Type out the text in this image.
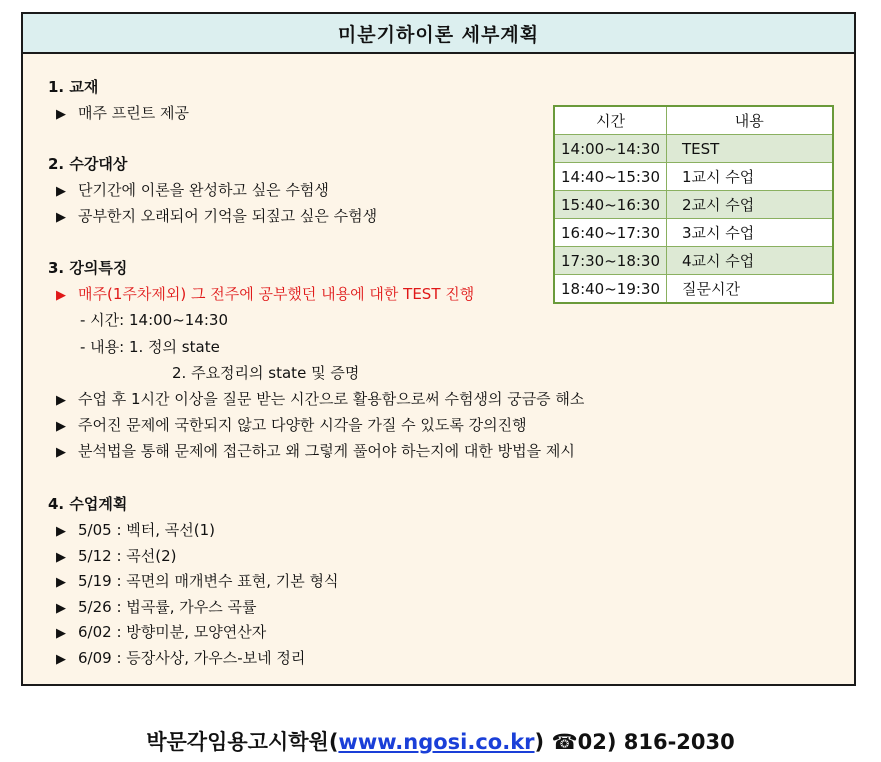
미분기하이론 세부계획
1. 교재
▶ 매주 프린트 제공
2. 수강대상
▶ 단기간에 이론을 완성하고 싶은 수험생
▶ 공부한지 오래되어 기억을 되짚고 싶은 수험생
3. 강의특징
▶ 매주(1주차제외) 그 전주에 공부했던 내용에 대한 TEST 진행
- 시간: 14:00~14:30
- 내용: 1. 정의 state
2. 주요정리의 state 및 증명
▶ 수업 후 1시간 이상을 질문 받는 시간으로 활용함으로써 수험생의 궁금증 해소
▶ 주어진 문제에 국한되지 않고 다양한 시각을 가질 수 있도록 강의진행
▶ 분석법을 통해 문제에 접근하고 왜 그렇게 풀어야 하는지에 대한 방법을 제시
4. 수업계획
▶ 5/05 : 벡터, 곡선(1)
▶ 5/12 : 곡선(2)
▶ 5/19 : 곡면의 매개변수 표현, 기본 형식
▶ 5/26 : 법곡률, 가우스 곡률
▶ 6/02 : 방향미분, 모양연산자
▶ 6/09 : 등장사상, 가우스-보네 정리
시간	내용
14:00~14:30	TEST
14:40~15:30	1교시 수업
15:40~16:30	2교시 수업
16:40~17:30	3교시 수업
17:30~18:30	4교시 수업
18:40~19:30	질문시간
박문각임용고시학원(www.ngosi.co.kr) ☎02) 816-2030
